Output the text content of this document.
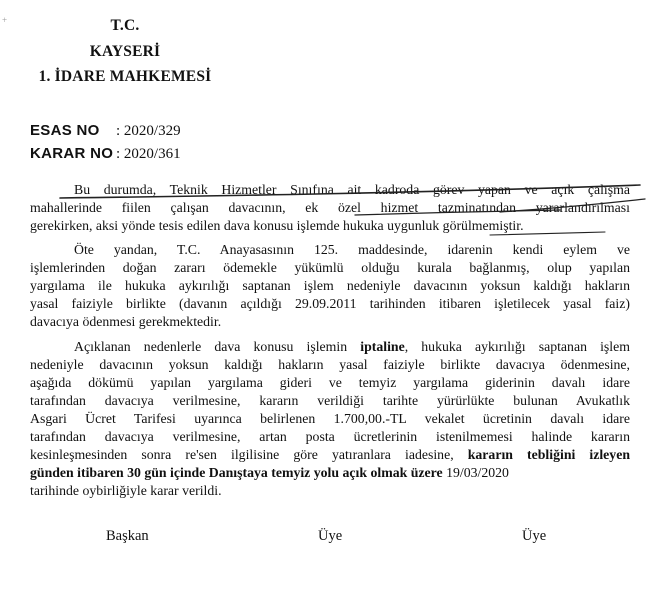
+	T.C.
KAYSERİ
1. İDARE MAHKEMESİ
ESAS NO : 2020/329
KARAR NO : 2020/361
Bu durumda, Teknik Hizmetler Sınıfına ait kadroda görev yapan ve açık çalışma
mahallerinde fiilen çalışan davacının, ek özel hizmet tazminatından yararlandırılması
gerekirken, aksi yönde tesis edilen dava konusu işlemde hukuka uygunluk görülmemiştir.
Öte yandan, T.C. Anayasasının 125. maddesinde, idarenin kendi eylem ve
işlemlerinden doğan zararı ödemekle yükümlü olduğu kurala bağlanmış, olup yapılan
yargılama ile hukuka aykırılığı saptanan işlem nedeniyle davacının yoksun kaldığı hakların
yasal faiziyle birlikte (davanın açıldığı 29.09.2011 tarihinden itibaren işletilecek yasal faiz)
davacıya ödenmesi gerekmektedir.
Açıklanan nedenlerle dava konusu işlemin iptaline, hukuka aykırılığı saptanan işlem
nedeniyle davacının yoksun kaldığı hakların yasal faiziyle birlikte davacıya ödenmesine,
aşağıda dökümü yapılan yargılama gideri ve temyiz yargılama giderinin davalı idare
tarafından davacıya verilmesine, kararın verildiği tarihte yürürlükte bulunan Avukatlık
Asgari Ücret Tarifesi uyarınca belirlenen 1.700,00.-TL vekalet ücretinin davalı idare
tarafından davacıya verilmesine, artan posta ücretlerinin istenilmemesi halinde kararın
kesinleşmesinden sonra re'sen ilgilisine göre yatıranlara iadesine, kararın tebliğini izleyen
günden itibaren 30 gün içinde Danıştaya temyiz yolu açık olmak üzere 19/03/2020
tarihinde oybirliğiyle karar verildi.
Başkan	Üye	Üye
